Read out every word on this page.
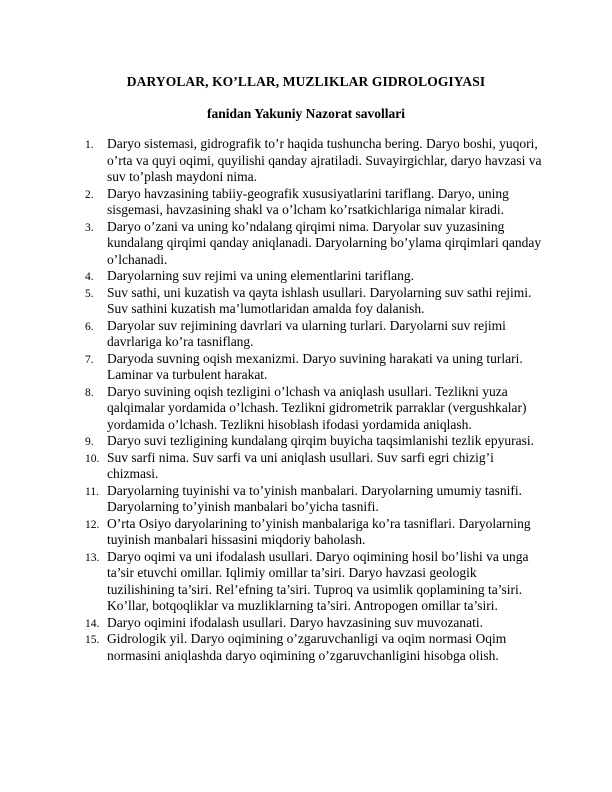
DARYOLAR, KO’LLAR, MUZLIKLAR GIDROLOGIYASI
fanidan Yakuniy Nazorat savollari
1. Daryo sistemasi, gidrografik to’r haqida tushuncha bering. Daryo boshi, yuqori, o’rta va quyi oqimi, quyilishi qanday ajratiladi. Suvayirgichlar, daryo havzasi va suv to’plash maydoni nima.
2. Daryo havzasining tabiiy-geografik xususiyatlarini tariflang. Daryo, uning sisgemasi, havzasining shakl va o’lcham ko’rsatkichlariga nimalar kiradi.
3. Daryo o’zani va uning ko’ndalang qirqimi nima. Daryolar suv yuzasining kundalang qirqimi qanday aniqlanadi. Daryolarning bo’ylama qirqimlari qanday o’lchanadi.
4. Daryolarning suv rejimi va uning elementlarini tariflang.
5. Suv sathi, uni kuzatish va qayta ishlash usullari. Daryolarning suv sathi rejimi. Suv sathini kuzatish ma’lumotlaridan amalda foy dalanish.
6. Daryolar suv rejimining davrlari va ularning turlari. Daryolarni suv rejimi davrlariga ko’ra tasniflang.
7. Daryoda suvning oqish mexanizmi. Daryo suvining harakati va uning turlari. Laminar va turbulent harakat.
8. Daryo suvining oqish tezligini o’lchash va aniqlash usullari. Tezlikni yuza qalqimalar yordamida o’lchash. Tezlikni gidrometrik parraklar (vergushkalar) yordamida o’lchash. Tezlikni hisoblash ifodasi yordamida aniqlash.
9. Daryo suvi tezligining kundalang qirqim buyicha taqsimlanishi tezlik epyurasi.
10. Suv sarfi nima. Suv sarfi va uni aniqlash usullari. Suv sarfi egri chizig’i chizmasi.
11. Daryolarning tuyinishi va to’yinish manbalari. Daryolarning umumiy tasnifi. Daryolarning to’yinish manbalari bo’yicha tasnifi.
12. O’rta Osiyo daryolarining to’yinish manbalariga ko’ra tasniflari. Daryolarning tuyinish manbalari hissasini miqdoriy baholash.
13. Daryo oqimi va uni ifodalash usullari. Daryo oqimining hosil bo’lishi va unga ta’sir etuvchi omillar. Iqlimiy omillar ta’siri. Daryo havzasi geologik tuzilishining ta’siri. Rel’efning ta’siri. Tuproq va usimlik qoplamining ta’siri. Ko’llar, botqoqliklar va muzliklarning ta’siri. Antropogen omillar ta’siri.
14. Daryo oqimini ifodalash usullari. Daryo havzasining suv muvozanati.
15. Gidrologik yil. Daryo oqimining o’zgaruvchanligi va oqim normasi Oqim normasini aniqlashda daryo oqimining o’zgaruvchanligini hisobga olish.
